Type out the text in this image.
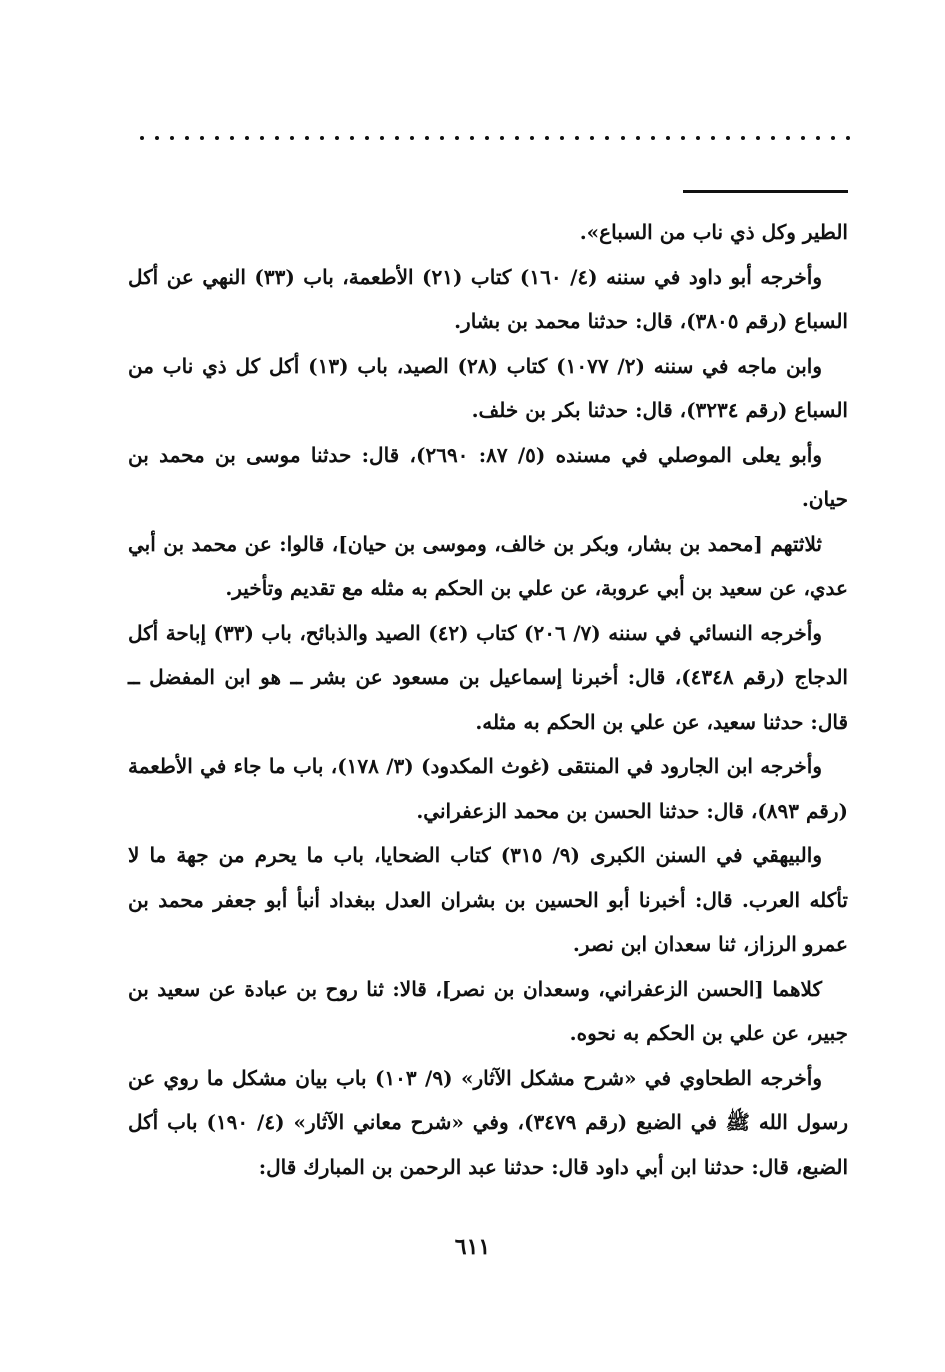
الطير وكل ذي ناب من السباع».

وأخرجه أبو داود في سننه (٤/ ١٦٠) كتاب (٢١) الأطعمة، باب (٣٣) النهي عن أكل السباع (رقم ٣٨٠٥)، قال: حدثنا محمد بن بشار.

وابن ماجه في سننه (٢/ ١٠٧٧) كتاب (٢٨) الصيد، باب (١٣) أكل كل ذي ناب من السباع (رقم ٣٢٣٤)، قال: حدثنا بكر بن خلف.

وأبو يعلى الموصلي في مسنده (٥/ ٨٧: ٢٦٩٠)، قال: حدثنا موسى بن محمد بن حيان.

ثلاثتهم [محمد بن بشار، وبكر بن خالف، وموسى بن حيان]، قالوا: عن محمد بن أبي عدي، عن سعيد بن أبي عروبة، عن علي بن الحكم به مثله مع تقديم وتأخير.

وأخرجه النسائي في سننه (٧/ ٢٠٦) كتاب (٤٢) الصيد والذبائح، باب (٣٣) إباحة أكل الدجاج (رقم ٤٣٤٨)، قال: أخبرنا إسماعيل بن مسعود عن بشر ــ هو ابن المفضل ــ قال: حدثنا سعيد، عن علي بن الحكم به مثله.

وأخرجه ابن الجارود في المنتقى (غوث المكدود) (٣/ ١٧٨)، باب ما جاء في الأطعمة (رقم ٨٩٣)، قال: حدثنا الحسن بن محمد الزعفراني.

والبيهقي في السنن الكبرى (٩/ ٣١٥) كتاب الضحايا، باب ما يحرم من جهة ما لا تأكله العرب. قال: أخبرنا أبو الحسين بن بشران العدل ببغداد أنبأ أبو جعفر محمد بن عمرو الرزاز، ثنا سعدان ابن نصر.

كلاهما [الحسن الزعفراني، وسعدان بن نصر]، قالا: ثنا روح بن عبادة عن سعيد بن جبير، عن علي بن الحكم به نحوه.

وأخرجه الطحاوي في «شرح مشكل الآثار» (٩/ ١٠٣) باب بيان مشكل ما روي عن رسول الله ﷺ في الضبع (رقم ٣٤٧٩)، وفي «شرح معاني الآثار» (٤/ ١٩٠) باب أكل الضبع، قال: حدثنا ابن أبي داود قال: حدثنا عبد الرحمن بن المبارك قال:

٦١١
